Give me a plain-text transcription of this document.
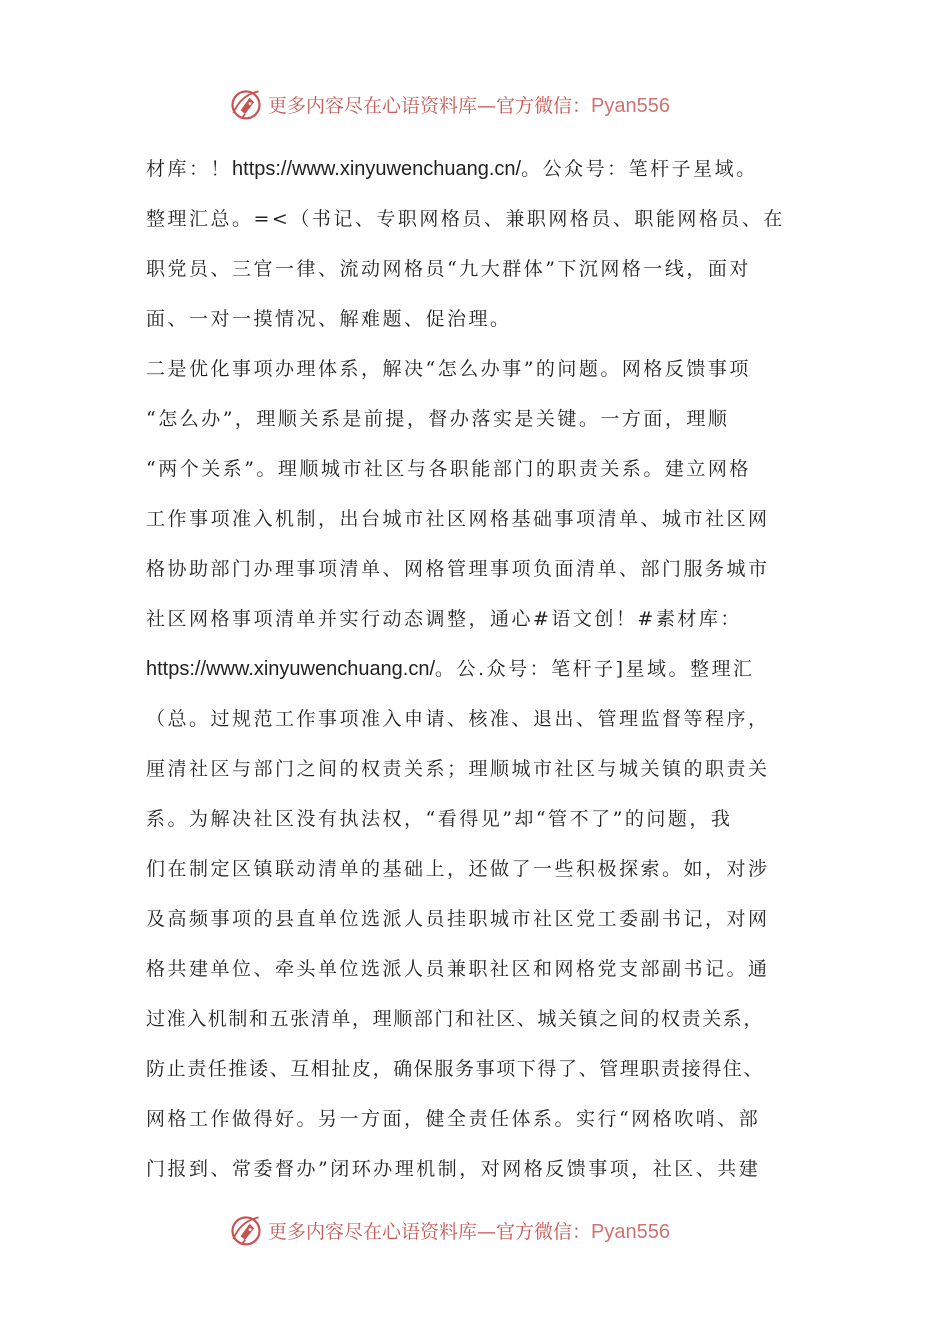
更多内容尽在心语资料库—官方微信：Pyan556
材库：！https://www.xinyuwenchuang.cn/。公众号：笔杆子星域。
整理汇总。=<（书记、专职网格员、兼职网格员、职能网格员、在
职党员、三官一律、流动网格员“九大群体”下沉网格一线，面对
面、一对一摸情况、解难题、促治理。
二是优化事项办理体系，解决“怎么办事”的问题。网格反馈事项
“怎么办”，理顺关系是前提，督办落实是关键。一方面，理顺
“两个关系”。理顺城市社区与各职能部门的职责关系。建立网格
工作事项准入机制，出台城市社区网格基础事项清单、城市社区网
格协助部门办理事项清单、网格管理事项负面清单、部门服务城市
社区网格事项清单并实行动态调整，通心#语文创！#素材库：
https://www.xinyuwenchuang.cn/。公.众号：笔杆子]星域。整理汇
（总。过规范工作事项准入申请、核准、退出、管理监督等程序，
厘清社区与部门之间的权责关系；理顺城市社区与城关镇的职责关
系。为解决社区没有执法权，“看得见”却“管不了”的问题，我
们在制定区镇联动清单的基础上，还做了一些积极探索。如，对涉
及高频事项的县直单位选派人员挂职城市社区党工委副书记，对网
格共建单位、牵头单位选派人员兼职社区和网格党支部副书记。通
过准入机制和五张清单，理顺部门和社区、城关镇之间的权责关系，
防止责任推诿、互相扯皮，确保服务事项下得了、管理职责接得住、
网格工作做得好。另一方面，健全责任体系。实行“网格吹哨、部
门报到、常委督办”闭环办理机制，对网格反馈事项，社区、共建
更多内容尽在心语资料库—官方微信：Pyan556
